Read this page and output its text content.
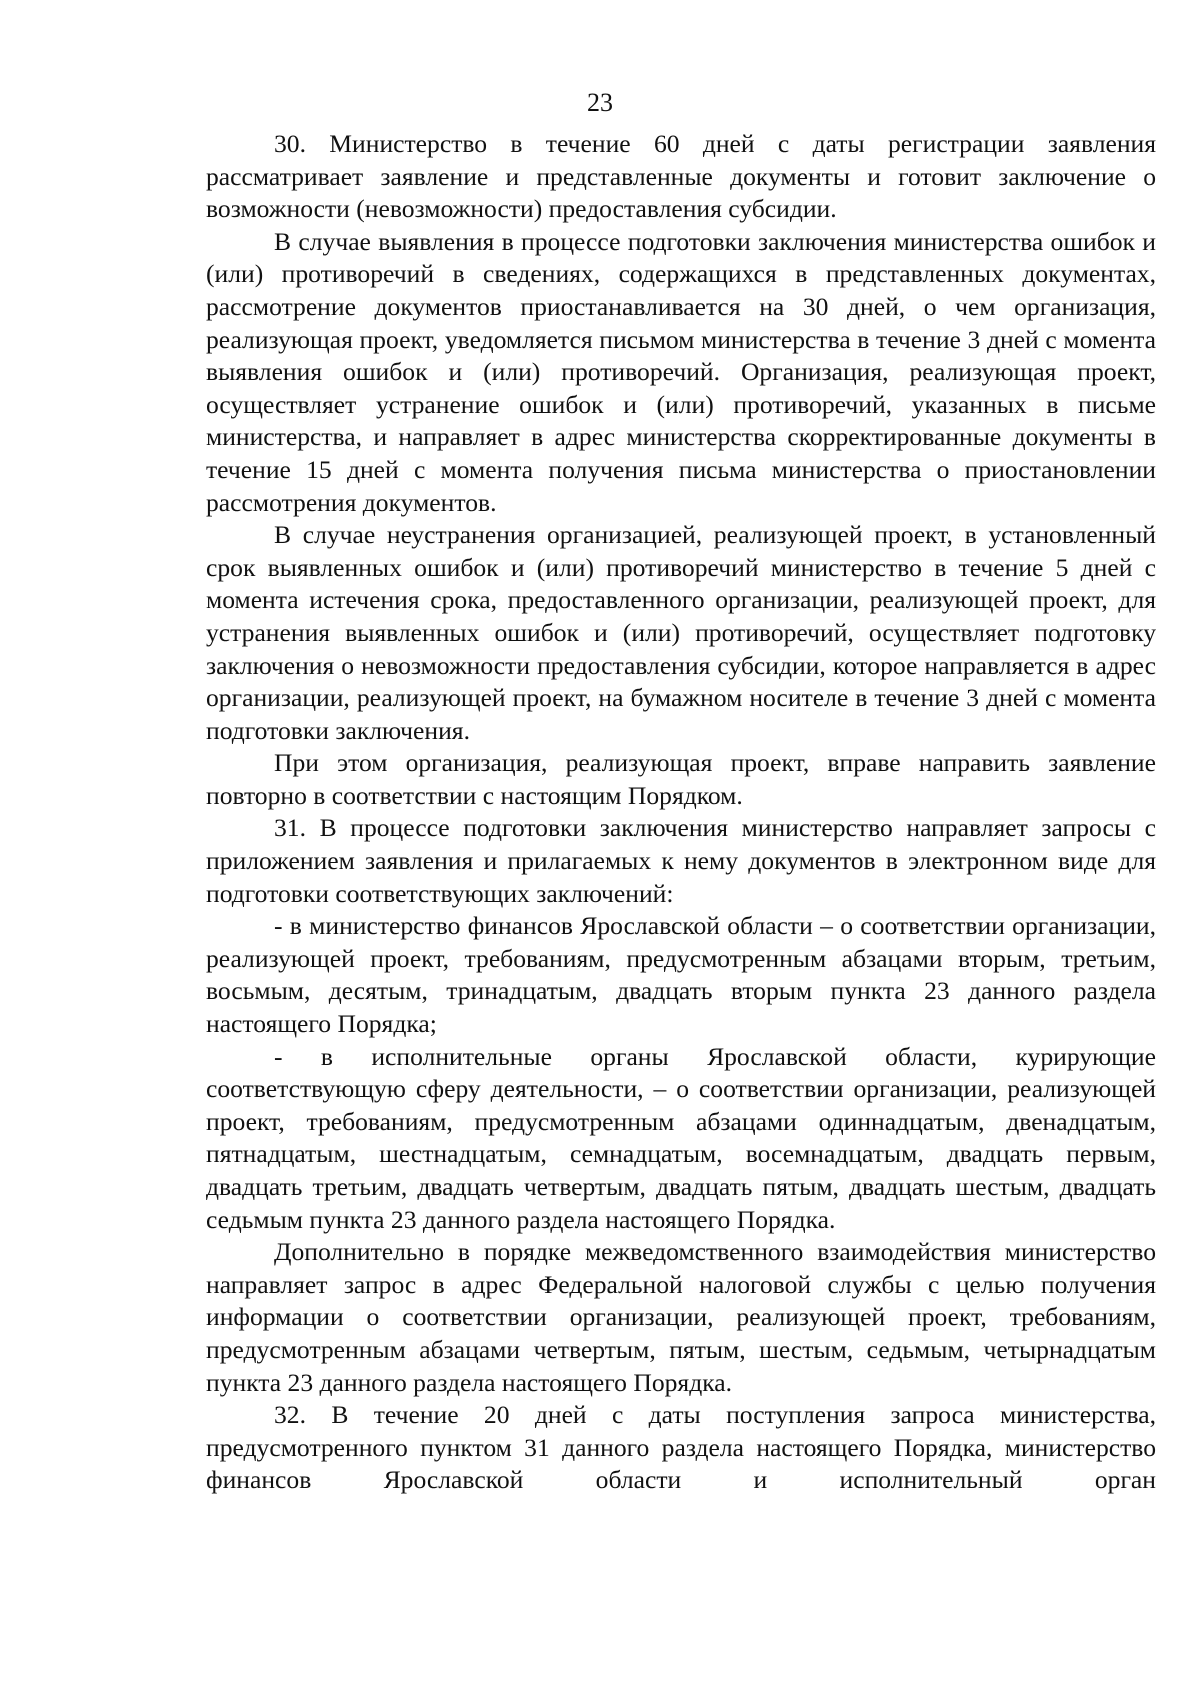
23

30. Министерство в течение 60 дней с даты регистрации заявления рассматривает заявление и представленные документы и готовит заключение о возможности (невозможности) предоставления субсидии.

В случае выявления в процессе подготовки заключения министерства ошибок и (или) противоречий в сведениях, содержащихся в представленных документах, рассмотрение документов приостанавливается на 30 дней, о чем организация, реализующая проект, уведомляется письмом министерства в течение 3 дней с момента выявления ошибок и (или) противоречий. Организация, реализующая проект, осуществляет устранение ошибок и (или) противоречий, указанных в письме министерства, и направляет в адрес министерства скорректированные документы в течение 15 дней с момента получения письма министерства о приостановлении рассмотрения документов.

В случае неустранения организацией, реализующей проект, в установленный срок выявленных ошибок и (или) противоречий министерство в течение 5 дней с момента истечения срока, предоставленного организации, реализующей проект, для устранения выявленных ошибок и (или) противоречий, осуществляет подготовку заключения о невозможности предоставления субсидии, которое направляется в адрес организации, реализующей проект, на бумажном носителе в течение 3 дней с момента подготовки заключения.

При этом организация, реализующая проект, вправе направить заявление повторно в соответствии с настоящим Порядком.

31. В процессе подготовки заключения министерство направляет запросы с приложением заявления и прилагаемых к нему документов в электронном виде для подготовки соответствующих заключений:

- в министерство финансов Ярославской области – о соответствии организации, реализующей проект, требованиям, предусмотренным абзацами вторым, третьим, восьмым, десятым, тринадцатым, двадцать вторым пункта 23 данного раздела настоящего Порядка;

- в исполнительные органы Ярославской области, курирующие соответствующую сферу деятельности, – о соответствии организации, реализующей проект, требованиям, предусмотренным абзацами одиннадцатым, двенадцатым, пятнадцатым, шестнадцатым, семнадцатым, восемнадцатым, двадцать первым, двадцать третьим, двадцать четвертым, двадцать пятым, двадцать шестым, двадцать седьмым пункта 23 данного раздела настоящего Порядка.

Дополнительно в порядке межведомственного взаимодействия министерство направляет запрос в адрес Федеральной налоговой службы с целью получения информации о соответствии организации, реализующей проект, требованиям, предусмотренным абзацами четвертым, пятым, шестым, седьмым, четырнадцатым пункта 23 данного раздела настоящего Порядка.

32. В течение 20 дней с даты поступления запроса министерства, предусмотренного пунктом 31 данного раздела настоящего Порядка, министерство финансов Ярославской области и исполнительный орган
